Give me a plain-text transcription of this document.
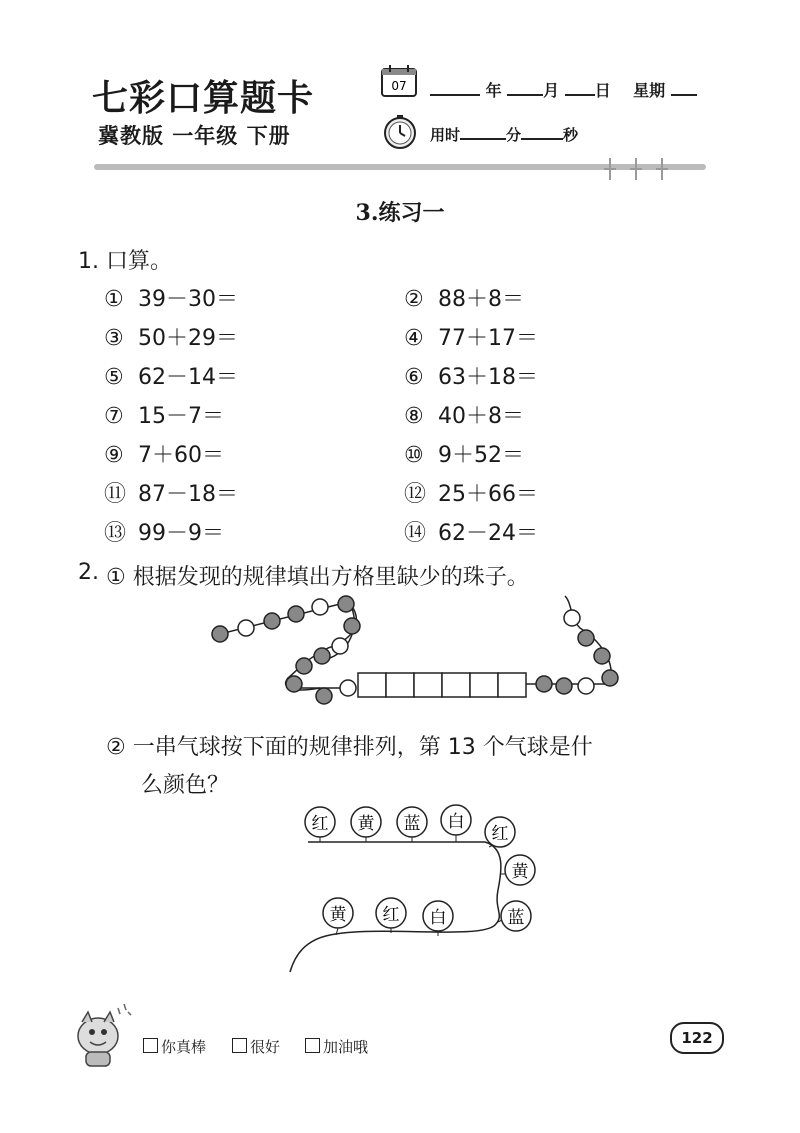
七彩口算题卡
冀教版 一年级 下册
07	年	月 日 星期
用时	分	秒
3.练习一
1. 口算。
① 39－30＝	② 88＋8＝
③ 50＋29＝	④ 77＋17＝
⑤ 62－14＝	⑥ 63＋18＝
⑦ 15－7＝	⑧ 40＋8＝
⑨ 7＋60＝	⑩ 9＋52＝
⑪ 87－18＝	⑫ 25＋66＝
⑬ 99－9＝	⑭ 62－24＝
2. ① 根据发现的规律填出方格里缺少的珠子。
② 一串气球按下面的规律排列，第 13 个气球是什
么颜色？
红 黄 蓝 白
红
黄
蓝
白
红
黄
你真棒	很好	加油哦	122
